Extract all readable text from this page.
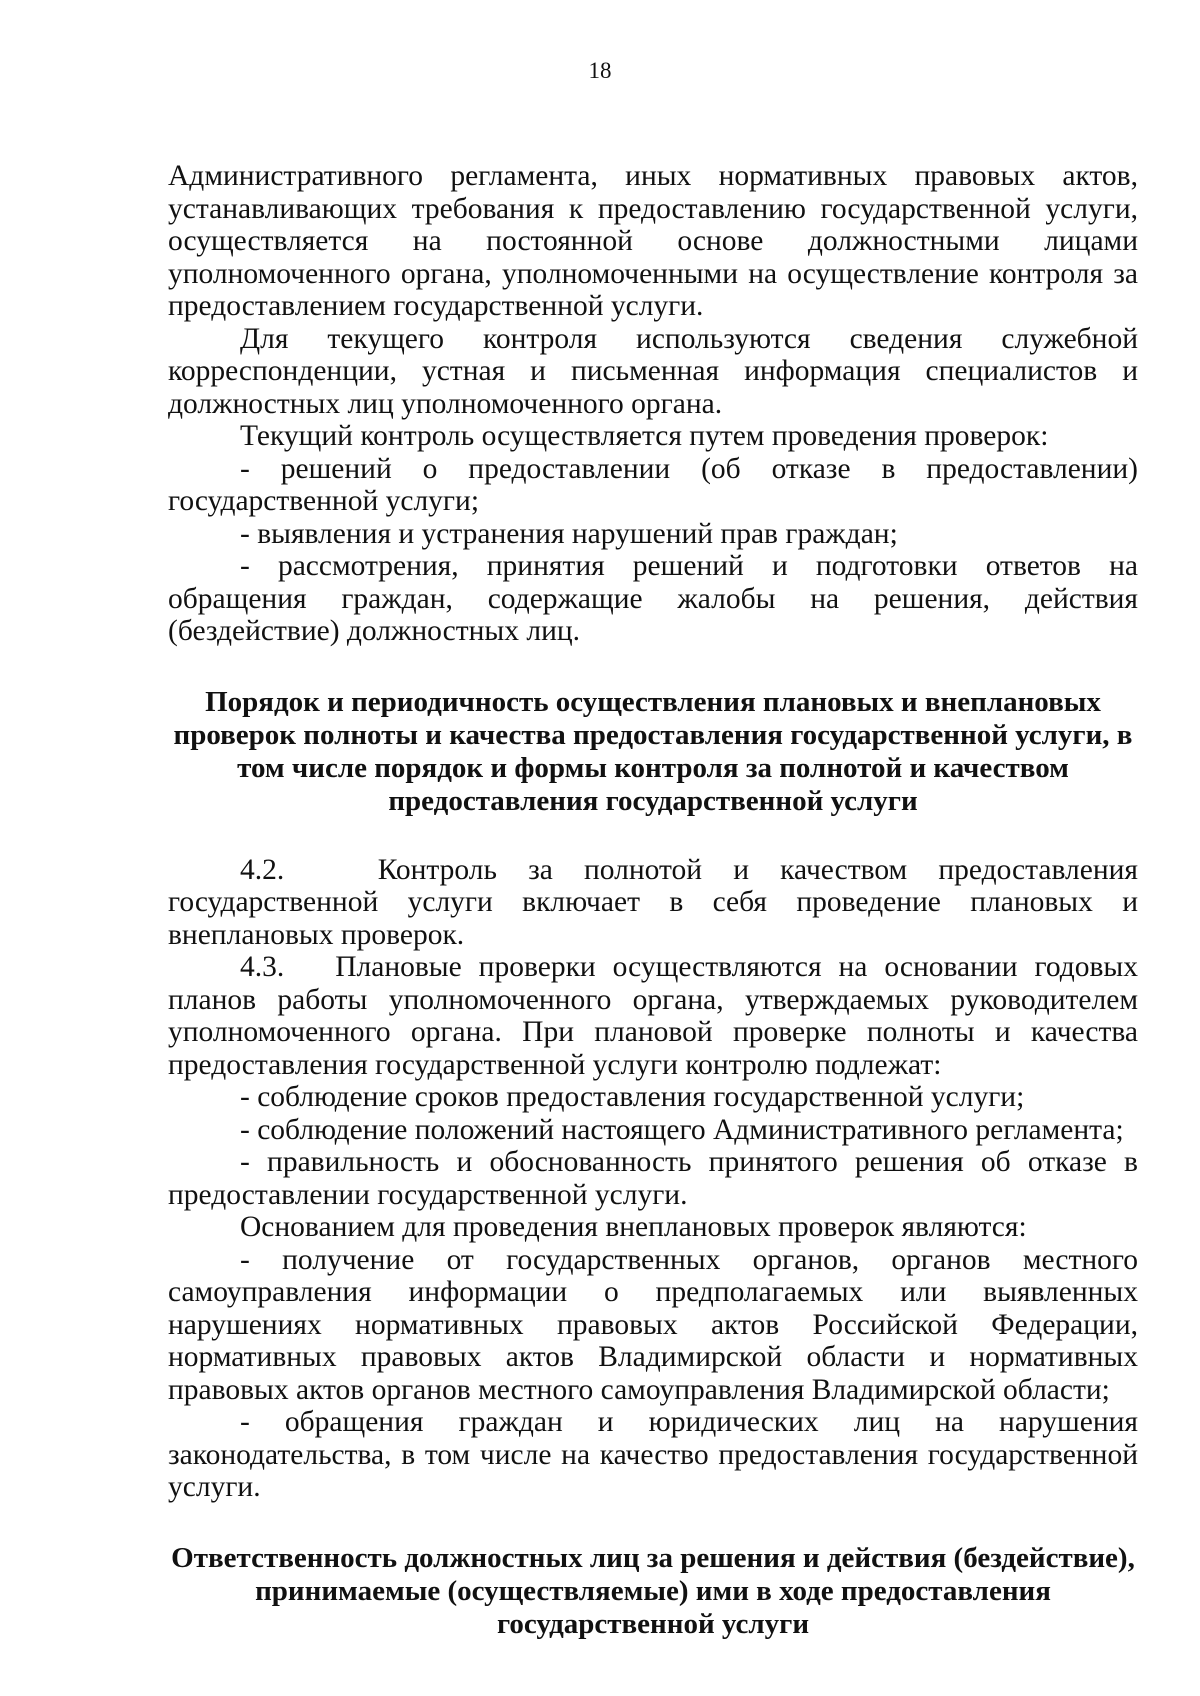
18

Административного регламента, иных нормативных правовых актов, устанавливающих требования к предоставлению государственной услуги, осуществляется на постоянной основе должностными лицами уполномоченного органа, уполномоченными на осуществление контроля за предоставлением государственной услуги.

Для текущего контроля используются сведения служебной корреспонденции, устная и письменная информация специалистов и должностных лиц уполномоченного органа.

Текущий контроль осуществляется путем проведения проверок:

- решений о предоставлении (об отказе в предоставлении) государственной услуги;

- выявления и устранения нарушений прав граждан;

- рассмотрения, принятия решений и подготовки ответов на обращения граждан, содержащие жалобы на решения, действия (бездействие) должностных лиц.

Порядок и периодичность осуществления плановых и внеплановых проверок полноты и качества предоставления государственной услуги, в том числе порядок и формы контроля за полнотой и качеством предоставления государственной услуги

4.2.   Контроль за полнотой и качеством предоставления государственной услуги включает в себя проведение плановых и внеплановых проверок.

4.3.   Плановые проверки осуществляются на основании годовых планов работы уполномоченного органа, утверждаемых руководителем уполномоченного органа. При плановой проверке полноты и качества предоставления государственной услуги контролю подлежат:

- соблюдение сроков предоставления государственной услуги;

- соблюдение положений настоящего Административного регламента;

- правильность и обоснованность принятого решения об отказе в предоставлении государственной услуги.

Основанием для проведения внеплановых проверок являются:

- получение от государственных органов, органов местного самоуправления информации о предполагаемых или выявленных нарушениях нормативных правовых актов Российской Федерации, нормативных правовых актов Владимирской области и нормативных правовых актов органов местного самоуправления Владимирской области;

- обращения граждан и юридических лиц на нарушения законодательства, в том числе на качество предоставления государственной услуги.

Ответственность должностных лиц за решения и действия (бездействие), принимаемые (осуществляемые) ими в ходе предоставления государственной услуги
